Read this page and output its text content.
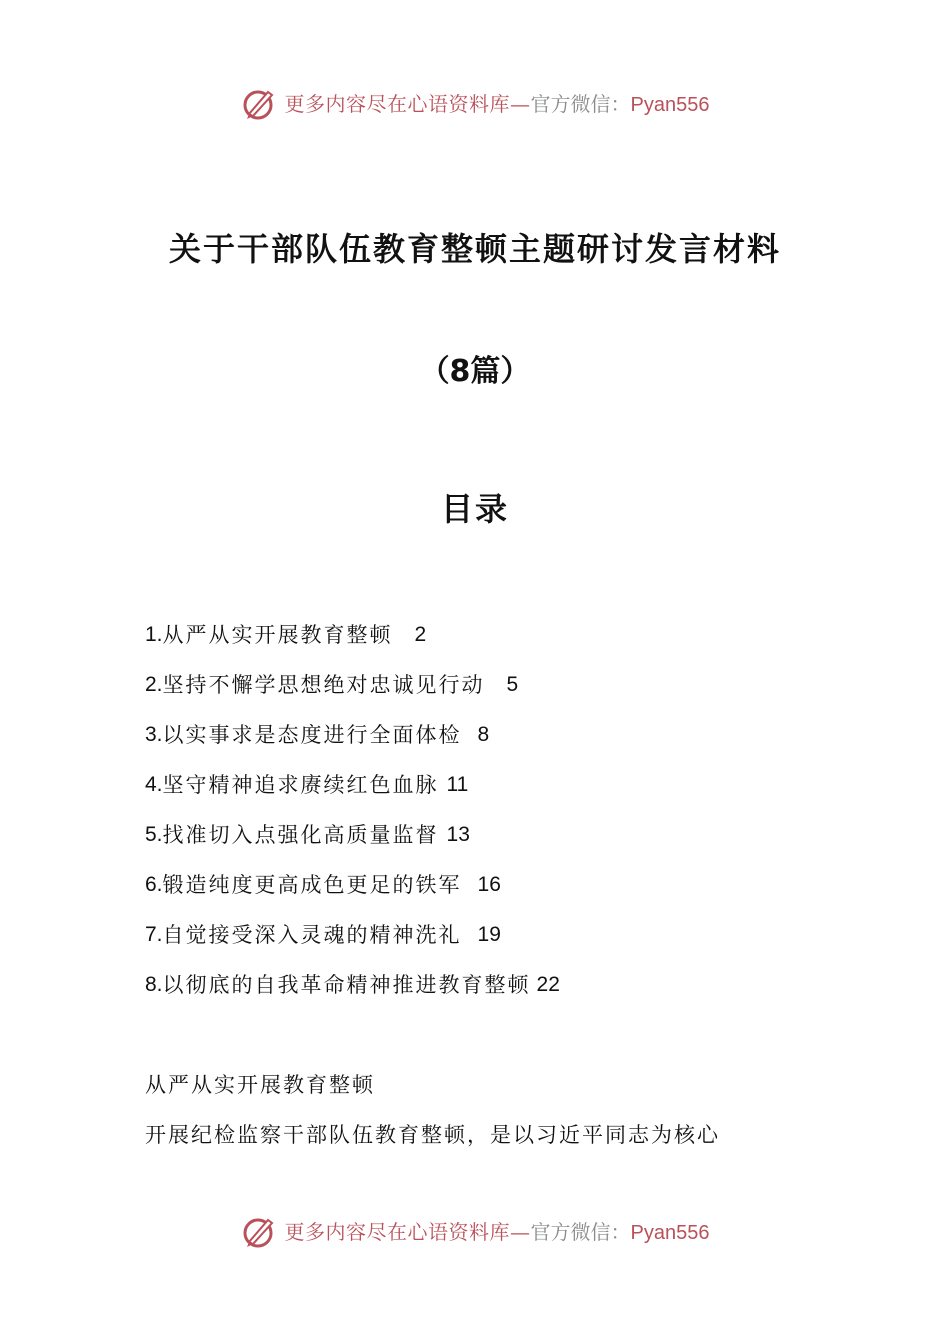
更多内容尽在心语资料库—官方微信：Pyan556
关于干部队伍教育整顿主题研讨发言材料
（8篇）
目录
1. 从严从实开展教育整顿 2
2. 坚持不懈学思想绝对忠诚见行动 5
3. 以实事求是态度进行全面体检 8
4. 坚守精神追求赓续红色血脉 11
5. 找准切入点强化高质量监督 13
6. 锻造纯度更高成色更足的铁军 16
7. 自觉接受深入灵魂的精神洗礼 19
8. 以彻底的自我革命精神推进教育整顿 22
从严从实开展教育整顿
开展纪检监察干部队伍教育整顿，是以习近平同志为核心
更多内容尽在心语资料库—官方微信：Pyan556
